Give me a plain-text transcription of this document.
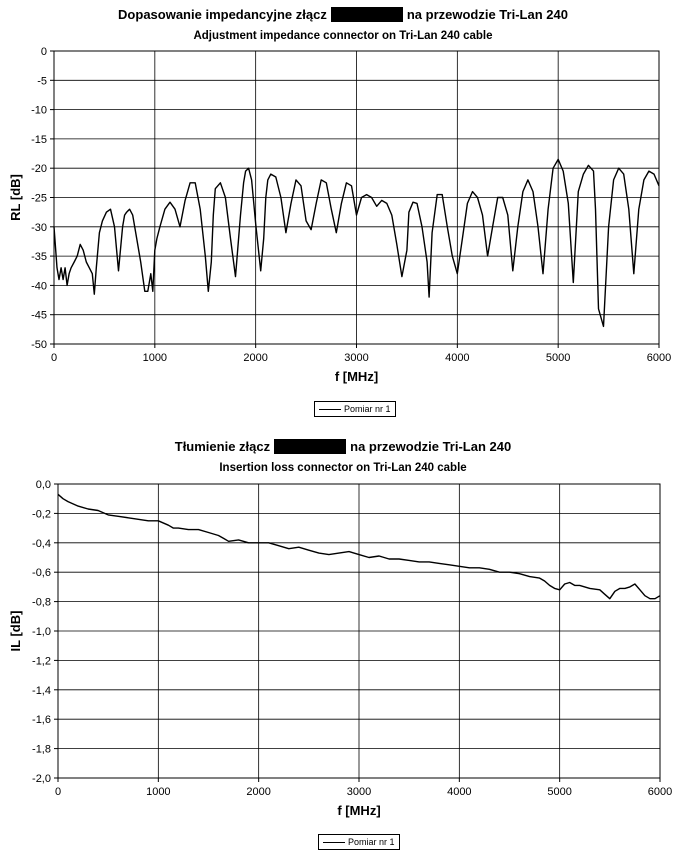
Dopasowanie impedancyjne złącz	na przewodzie Tri-Lan 240
Adjustment impedance connector on Tri-Lan 240 cable
0
-5
-10
-15
-20
-25
-30
-35
-40
-45
-50
0	1000	2000	3000	4000	5000	6000
f [MHz]
RL [dB]
Pomiar nr 1
Tłumienie złącz	na przewodzie Tri-Lan 240
Insertion loss connector on Tri-Lan 240 cable
0,0
-0,2
-0,4
-0,6
-0,8
-1,0
-1,2
-1,4
-1,6
-1,8
-2,0
0	1000	2000	3000	4000	5000	6000
f [MHz]
IL [dB]
Pomiar nr 1
